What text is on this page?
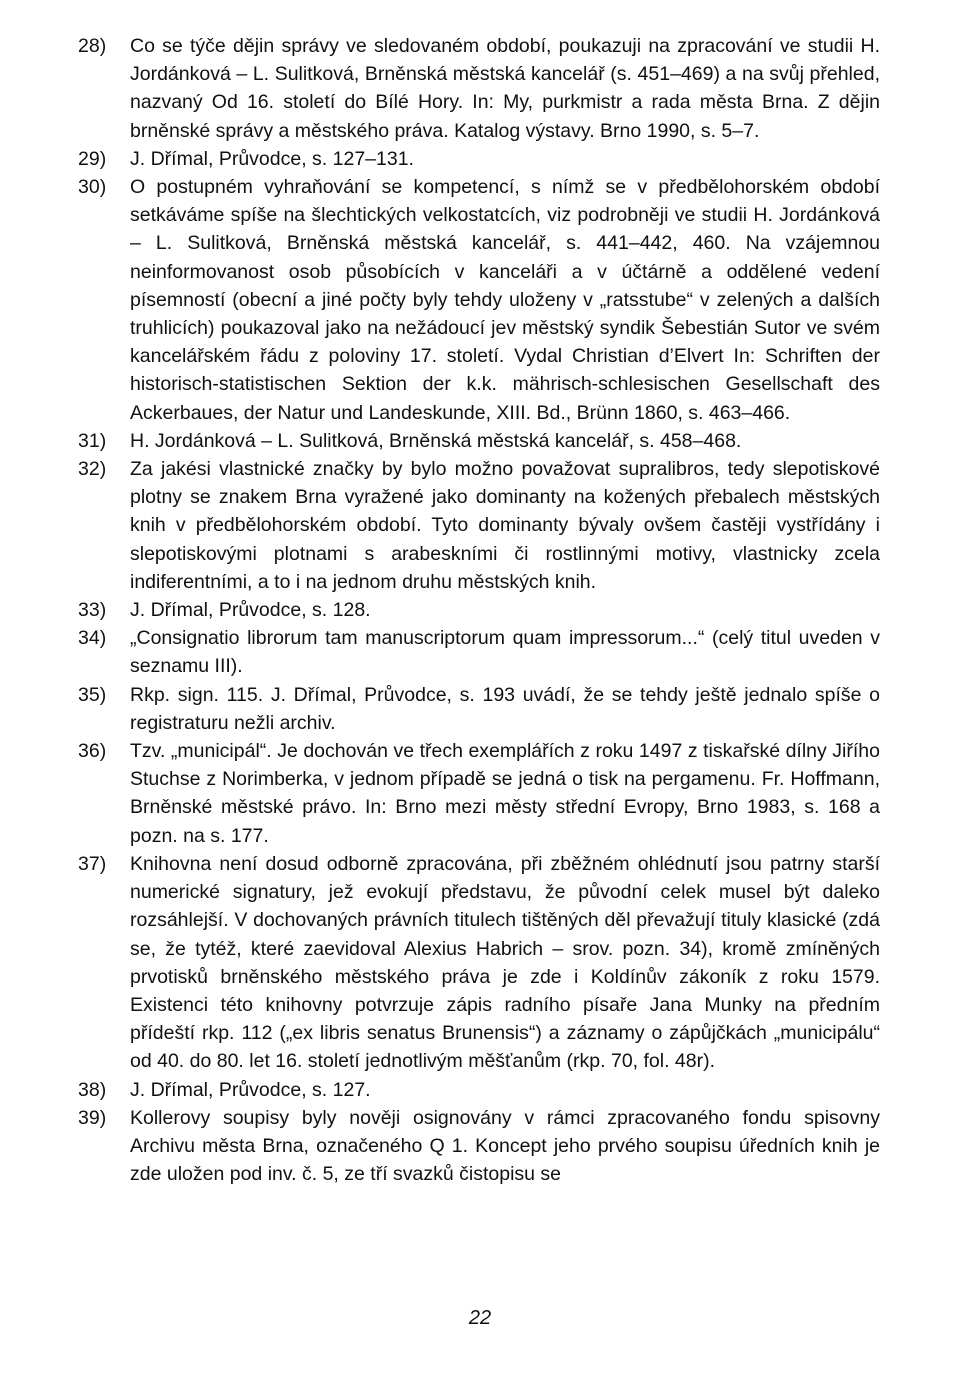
28)	Co se týče dějin správy ve sledovaném období, poukazuji na zpracování ve studii H. Jordánková – L. Sulitková, Brněnská městská kancelář (s. 451–469) a na svůj přehled, nazvaný Od 16. století do Bílé Hory. In: My, purkmistr a rada města Brna. Z dějin brněnské správy a městského práva. Katalog výstavy. Brno 1990, s. 5–7.
29)	J. Dřímal, Průvodce, s. 127–131.
30)	O postupném vyhraňování se kompetencí, s nímž se v předbělohorském období setkáváme spíše na šlechtických velkostatcích, viz podrobněji ve studii H. Jordánková – L. Sulitková, Brněnská městská kancelář, s. 441–442, 460. Na vzájemnou neinformovanost osob působících v kanceláři a v účtárně a oddělené vedení písemností (obecní a jiné počty byly tehdy uloženy v „ratsstube“ v zelených a dalších truhlicích) poukazoval jako na nežádoucí jev městský syndik Šebestián Sutor ve svém kancelářském řádu z poloviny 17. století. Vydal Christian d’Elvert In: Schriften der historisch-statistischen Sektion der k.k. mährisch-schlesischen Gesellschaft des Ackerbaues, der Natur und Landeskunde, XIII. Bd., Brünn 1860, s. 463–466.
31)	H. Jordánková – L. Sulitková, Brněnská městská kancelář, s. 458–468.
32)	Za jakési vlastnické značky by bylo možno považovat supralibros, tedy slepotiskové plotny se znakem Brna vyražené jako dominanty na kožených přebalech městských knih v předbělohorském období. Tyto dominanty bývaly ovšem častěji vystřídány i slepotiskovými plotnami s arabeskními či rostlinnými motivy, vlastnicky zcela indiferentními, a to i na jednom druhu městských knih.
33)	J. Dřímal, Průvodce, s. 128.
34)	„Consignatio librorum tam manuscriptorum quam impressorum...“ (celý titul uveden v seznamu III).
35)	Rkp. sign. 115. J. Dřímal, Průvodce, s. 193 uvádí, že se tehdy ještě jednalo spíše o registraturu nežli archiv.
36)	Tzv. „municipál“. Je dochován ve třech exemplářích z roku 1497 z tiskařské dílny Jiřího Stuchse z Norimberka, v jednom případě se jedná o tisk na pergamenu. Fr. Hoffmann, Brněnské městské právo. In: Brno mezi městy střední Evropy, Brno 1983, s. 168 a pozn. na s. 177.
37)	Knihovna není dosud odborně zpracována, při zběžném ohlédnutí jsou patrny starší numerické signatury, jež evokují představu, že původní celek musel být daleko rozsáhlejší. V dochovaných právních titulech tištěných děl převažují tituly klasické (zdá se, že tytéž, které zaevidoval Alexius Habrich – srov. pozn. 34), kromě zmíněných prvotisků brněnského městského práva je zde i Koldínův zákoník z roku 1579. Existenci této knihovny potvrzuje zápis radního písaře Jana Munky na předním přídeští rkp. 112 („ex libris senatus Brunensis“) a záznamy o zápůjčkách „municipálu“ od 40. do 80. let 16. století jednotlivým měšťanům (rkp. 70, fol. 48r).
38)	J. Dřímal, Průvodce, s. 127.
39)	Kollerovy soupisy byly nověji osignovány v rámci zpracovaného fondu spisovny Archivu města Brna, označeného Q 1. Koncept jeho prvého soupisu úředních knih je zde uložen pod inv. č. 5, ze tří svazků čistopisu se
22
